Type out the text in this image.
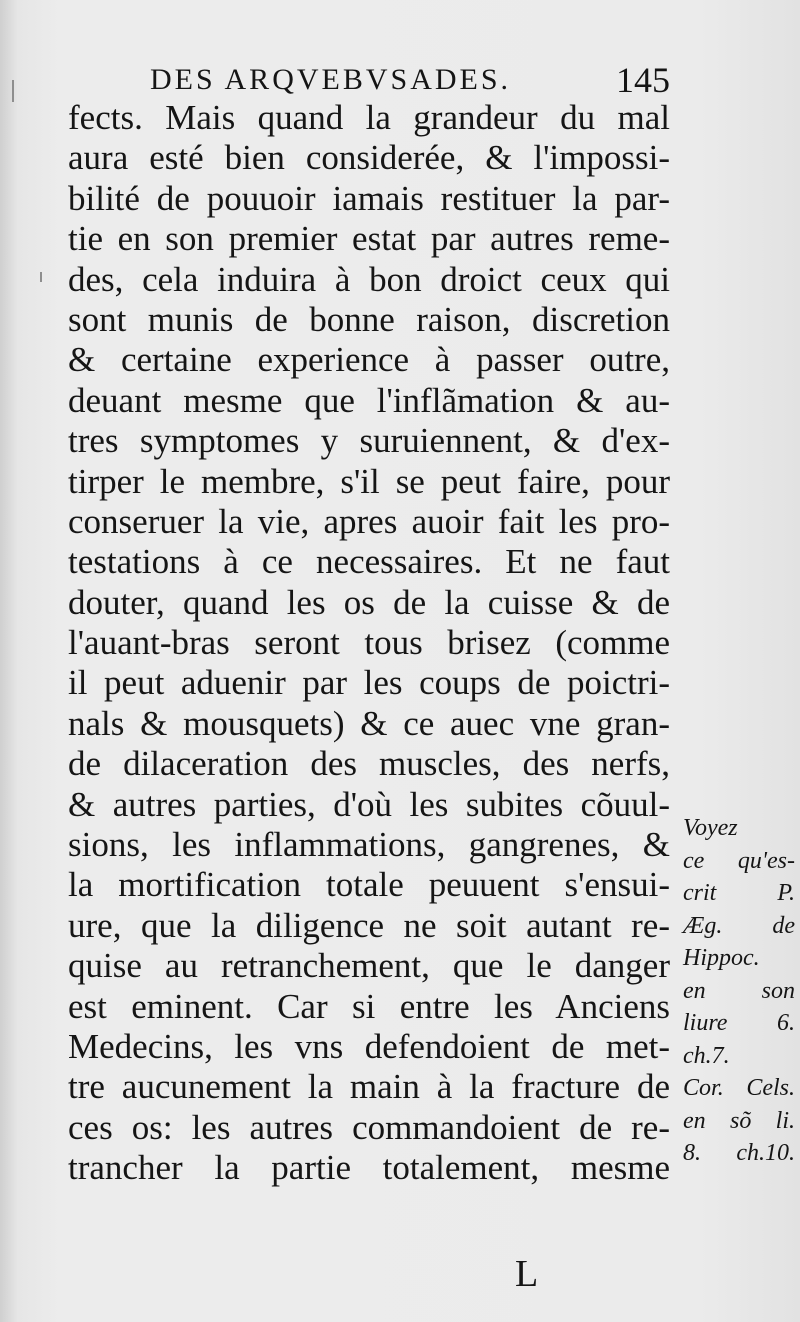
DES ARQVEBVSADES.	145
fects. Mais quand la grandeur du mal
aura esté bien considerée, & l'impossi-
bilité de pouuoir iamais restituer la par-
tie en son premier estat par autres reme-
des, cela induira à bon droict ceux qui
sont munis de bonne raison, discretion
& certaine experience à passer outre,
deuant mesme que l'inflãmation & au-
tres symptomes y suruiennent, & d'ex-
tirper le membre, s'il se peut faire, pour
conseruer la vie, apres auoir fait les pro-
testations à ce necessaires. Et ne faut
douter, quand les os de la cuisse & de
l'auant-bras seront tous brisez (comme
il peut aduenir par les coups de poictri-
nals & mousquets) & ce auec vne gran-
de dilaceration des muscles, des nerfs,
& autres parties, d'où les subites cõuul-
sions, les inflammations, gangrenes, &
la mortification totale peuuent s'ensui-
ure, que la diligence ne soit autant re-
quise au retranchement, que le danger
est eminent. Car si entre les Anciens
Medecins, les vns defendoient de met-
tre aucunement la main à la fracture de
ces os: les autres commandoient de re-
trancher la partie totalement, mesme
Voyez
ce qu'es-
crit P.
Æg. de
Hippoc.
en son
liure 6.
ch.7.
Cor. Cels.
en sõ li.
8. ch.10.
L
